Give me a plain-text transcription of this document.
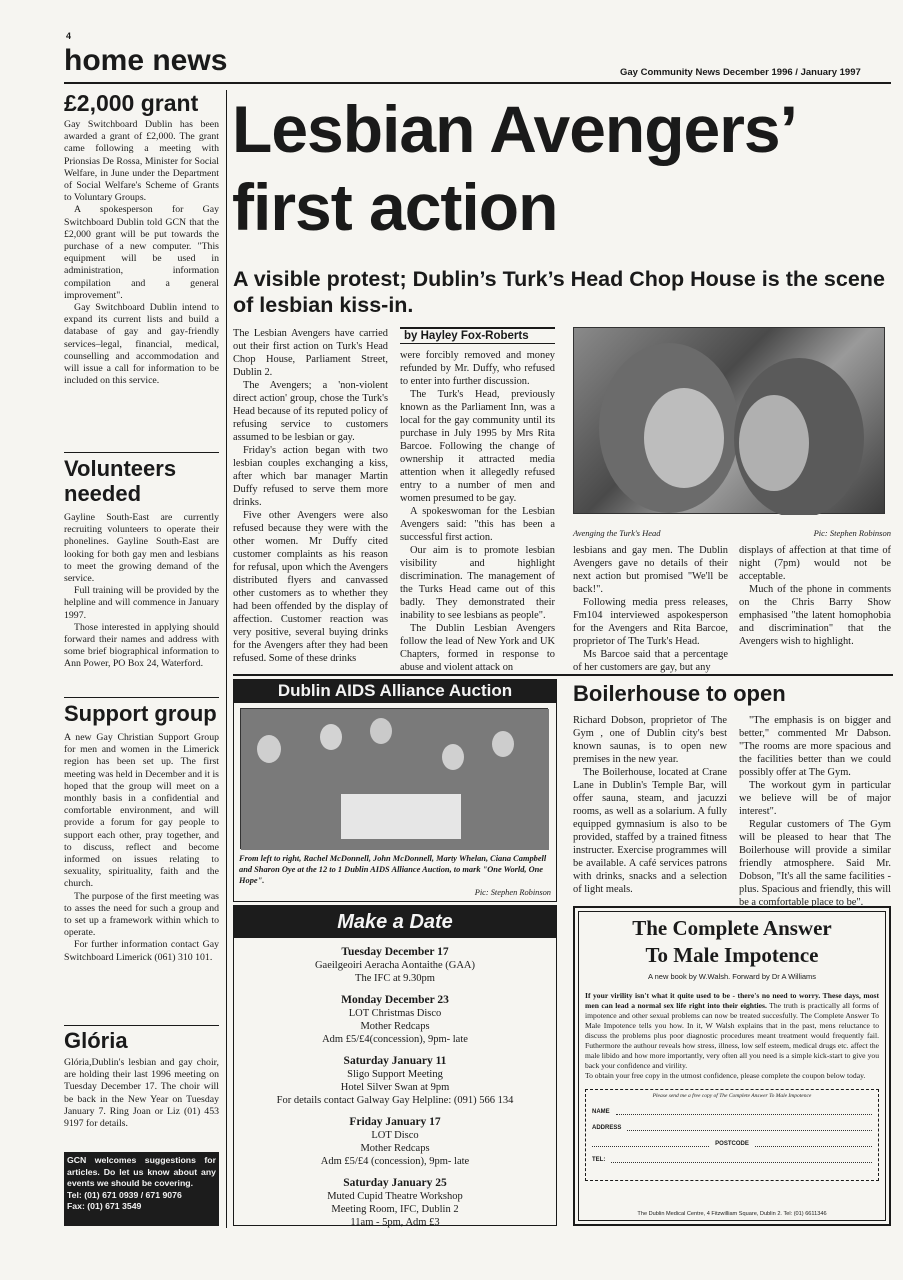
4
home news	Gay Community News December 1996 / January 1997
£2,000 grant

Gay Switchboard Dublin has been awarded a grant of £2,000. The grant came following a meeting with Prionsias De Rossa, Minister for Social Welfare, in June under the Department of Social Welfare's Scheme of Grants to Voluntary Groups.

A spokesperson for Gay Switchboard Dublin told GCN that the £2,000 grant will be put towards the purchase of a new computer. "This equipment will be used in administration, information compilation and a general improvement".

Gay Switchboard Dublin intend to expand its current lists and build a database of gay and gay-friendly services–legal, financial, medical, counselling and accommodation and will issue a call for information to be included on this service.

Volunteers needed

Gayline South-East are currently recruiting volunteers to operate their phonelines. Gayline South-East are looking for both gay men and lesbians to meet the growing demand of the service.

Full training will be provided by the helpline and will commence in January 1997.

Those interested in applying should forward their names and address with some brief biographical information to Ann Power, PO Box 24, Waterford.

Support group

A new Gay Christian Support Group for men and women in the Limerick region has been set up. The first meeting was held in December and it is hoped that the group will meet on a monthly basis in a confidential and comfortable environment, and will provide a forum for gay people to support each other, pray together, and to discuss, reflect and become informed on issues relating to sexuality, spirituality, faith and the church.

The purpose of the first meeting was to asses the need for such a group and to set up a framework within which to operate.

For further information contact Gay Switchboard Limerick (061) 310 101.

Glória

Glória,Dublin's lesbian and gay choir, are holding their last 1996 meeting on Tuesday December 17. The choir will be back in the New Year on Tuesday January 7. Ring Joan or Liz (01) 453 9197 for details.

GCN welcomes suggestions for articles. Do let us know about any events we should be covering.
Tel: (01) 671 0939 / 671 9076
Fax: (01) 671 3549
Lesbian Avengers’
first action
A visible protest; Dublin’s Turk’s Head Chop House is the scene of lesbian kiss-in.

The Lesbian Avengers have carried out their first action on Turk's Head Chop House, Parliament Street, Dublin 2.

The Avengers; a 'non-violent direct action' group, chose the Turk's Head because of its reputed policy of refusing service to customers assumed to be lesbian or gay.

Friday's action began with two lesbian couples exchanging a kiss, after which bar manager Martin Duffy refused to serve them more drinks.

Five other Avengers were also refused because they were with the other women. Mr Duffy cited customer complaints as his reason for refusal, upon which the Avengers distributed flyers and canvassed other customers as to whether they had been offended by the display of affection. Customer reaction was very positive, several buying drinks for the Avengers after they had been refused. Some of these drinks

by Hayley Fox-Roberts

were forcibly removed and money refunded by Mr. Duffy, who refused to enter into further discussion.

The Turk's Head, previously known as the Parliament Inn, was a local for the gay community until its purchase in July 1995 by Mrs Rita Barcoe. Following the change of ownership it attracted media attention when it allegedly refused entry to a number of men and women presumed to be gay.

A spokeswoman for the Lesbian Avengers said: "this has been a successful first action.

Our aim is to promote lesbian visibility and highlight discrimination. The management of the Turks Head came out of this badly. They demonstrated their inability to see lesbians as people".

The Dublin Lesbian Avengers follow the lead of New York and UK Chapters, formed in response to abuse and violent attack on

Avenging the Turk's Head	Pic: Stephen Robinson

lesbians and gay men. The Dublin Avengers gave no details of their next action but promised "We'll be back!".

Following media press releases, Fm104 interviewed aspokesperson for the Avengers and Rita Barcoe, proprietor of The Turk's Head.

Ms Barcoe said that a percentage of her customers are gay, but any

displays of affection at that time of night (7pm) would not be acceptable.

Much of the phone in comments on the Chris Barry Show emphasised "the latent homophobia and discrimination" that the Avengers wish to highlight.

Dublin AIDS Alliance Auction
From left to right, Rachel McDonnell, John McDonnell, Marty Whelan, Ciana Campbell and Sharon Oye at the 12 to 1 Dublin AIDS Alliance Auction, to mark "One World, One Hope".
Pic: Stephen Robinson
Make a Date
Tuesday December 17
Gaeilgeoiri Aeracha Aontaithe (GAA)
The IFC at 9.30pm
Monday December 23
LOT Christmas Disco
Mother Redcaps
Adm £5/£4(concession), 9pm- late
Saturday January 11
Sligo Support Meeting
Hotel Silver Swan at 9pm
For details contact Galway Gay Helpline: (091) 566 134
Friday January 17
LOT Disco
Mother Redcaps
Adm £5/£4 (concession), 9pm- late
Saturday January 25
Muted Cupid Theatre Workshop
Meeting Room, IFC, Dublin 2
11am - 5pm, Adm £3
Boilerhouse to open

Richard Dobson, proprietor of The Gym , one of Dublin city's best known saunas, is to open new premises in the new year.

The Boilerhouse, located at Crane Lane in Dublin's Temple Bar, will offer sauna, steam, and jacuzzi rooms, as well as a solarium. A fully equipped gymnasium is also to be provided, staffed by a trained fitness instructer. Exercise programmes will be available. A café services patrons with drinks, snacks and a selection of light meals.

"The emphasis is on bigger and better," commented Mr Dabson. "The rooms are more spacious and the facilities better than we could possibly offer at The Gym.

The workout gym in particular we believe will be of major interest".

Regular customers of The Gym will be pleased to hear that The Boilerhouse will provide a similar friendly atmosphere. Said Mr. Dobson, "It's all the same facilities - plus. Spacious and friendly, this will be a comfortable place to be".

The Complete Answer
To Male Impotence
A new book by W.Walsh. Forward by Dr A Williams
If your virility isn't what it quite used to be - there's no need to worry. These days, most men can lead a normal sex life right into their eighties. The truth is practically all forms of impotence and other sexual problems can now be treated succesfully. The Complete Answer To Male Impotence tells you how. In it, W Walsh explains that in the past, mens reluctance to discuss the problems plus poor diagnostic procedures meant treatment would frequently fail. Futhermore the authour reveals how stress, illness, low self esteem, medical drugs etc. affect the male libido and how more importantly, very often all you need is a simple kick-start to give you back your confidence and virility.
To obtain your free copy in the utmost confidence, please complete the coupon below today.
Please send me a free copy of The Complete Answer To Male Impotence
NAME
ADDRESS
POSTCODE
TEL:
The Dublin Medical Centre, 4 Fitzwilliam Square, Dublin 2. Tel: (01) 6611346
